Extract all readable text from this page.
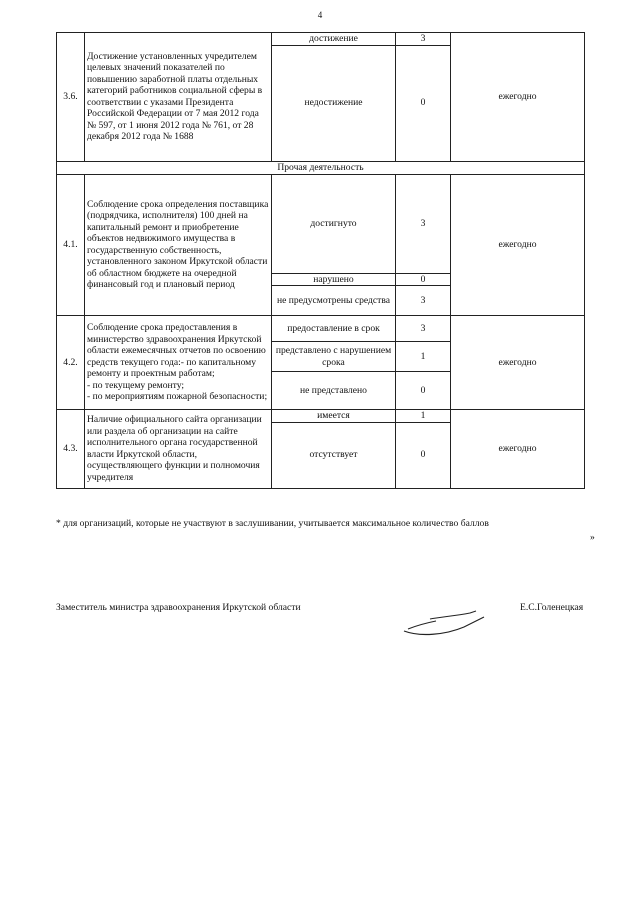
4
3.6.	Достижение установленных учредителем целевых значений показателей по повышению заработной платы отдельных категорий работников социальной сферы в соответствии с указами Президента Российской Федерации от 7 мая 2012 года № 597, от 1 июня 2012 года № 761, от 28 декабря 2012 года № 1688	достижение	3	ежегодно
		недостижение	0	
Прочая деятельность				
4.1.	Соблюдение срока определения поставщика (подрядчика, исполнителя) 100 дней на капитальный ремонт и приобретение объектов недвижимого имущества в государственную собственность, установленного законом Иркутской области об областном бюджете на очередной финансовый год и плановый период	достигнуто	3	ежегодно
		нарушено	0	
		не предусмотрены средства	3	
4.2.	Соблюдение срока предоставления в министерство здравоохранения Иркутской области ежемесячных отчетов по освоению средств текущего года:- по капитальному ремонту и проектным работам;
- по текущему ремонту;
- по мероприятиям пожарной безопасности;	предоставление в срок	3	ежегодно
		представлено с нарушением срока	1	
		не представлено	0	
4.3.	Наличие официального сайта организации или раздела об организации на сайте исполнительного органа государственной власти Иркутской области, осуществляющего функции и полномочия учредителя	имеется	1	ежегодно
		отсутствует	0	
* для организаций, которые не участвуют в заслушивании, учитывается максимальное количество баллов
»
Заместитель министра здравоохранения Иркутской области	Е.С.Голенецкая
